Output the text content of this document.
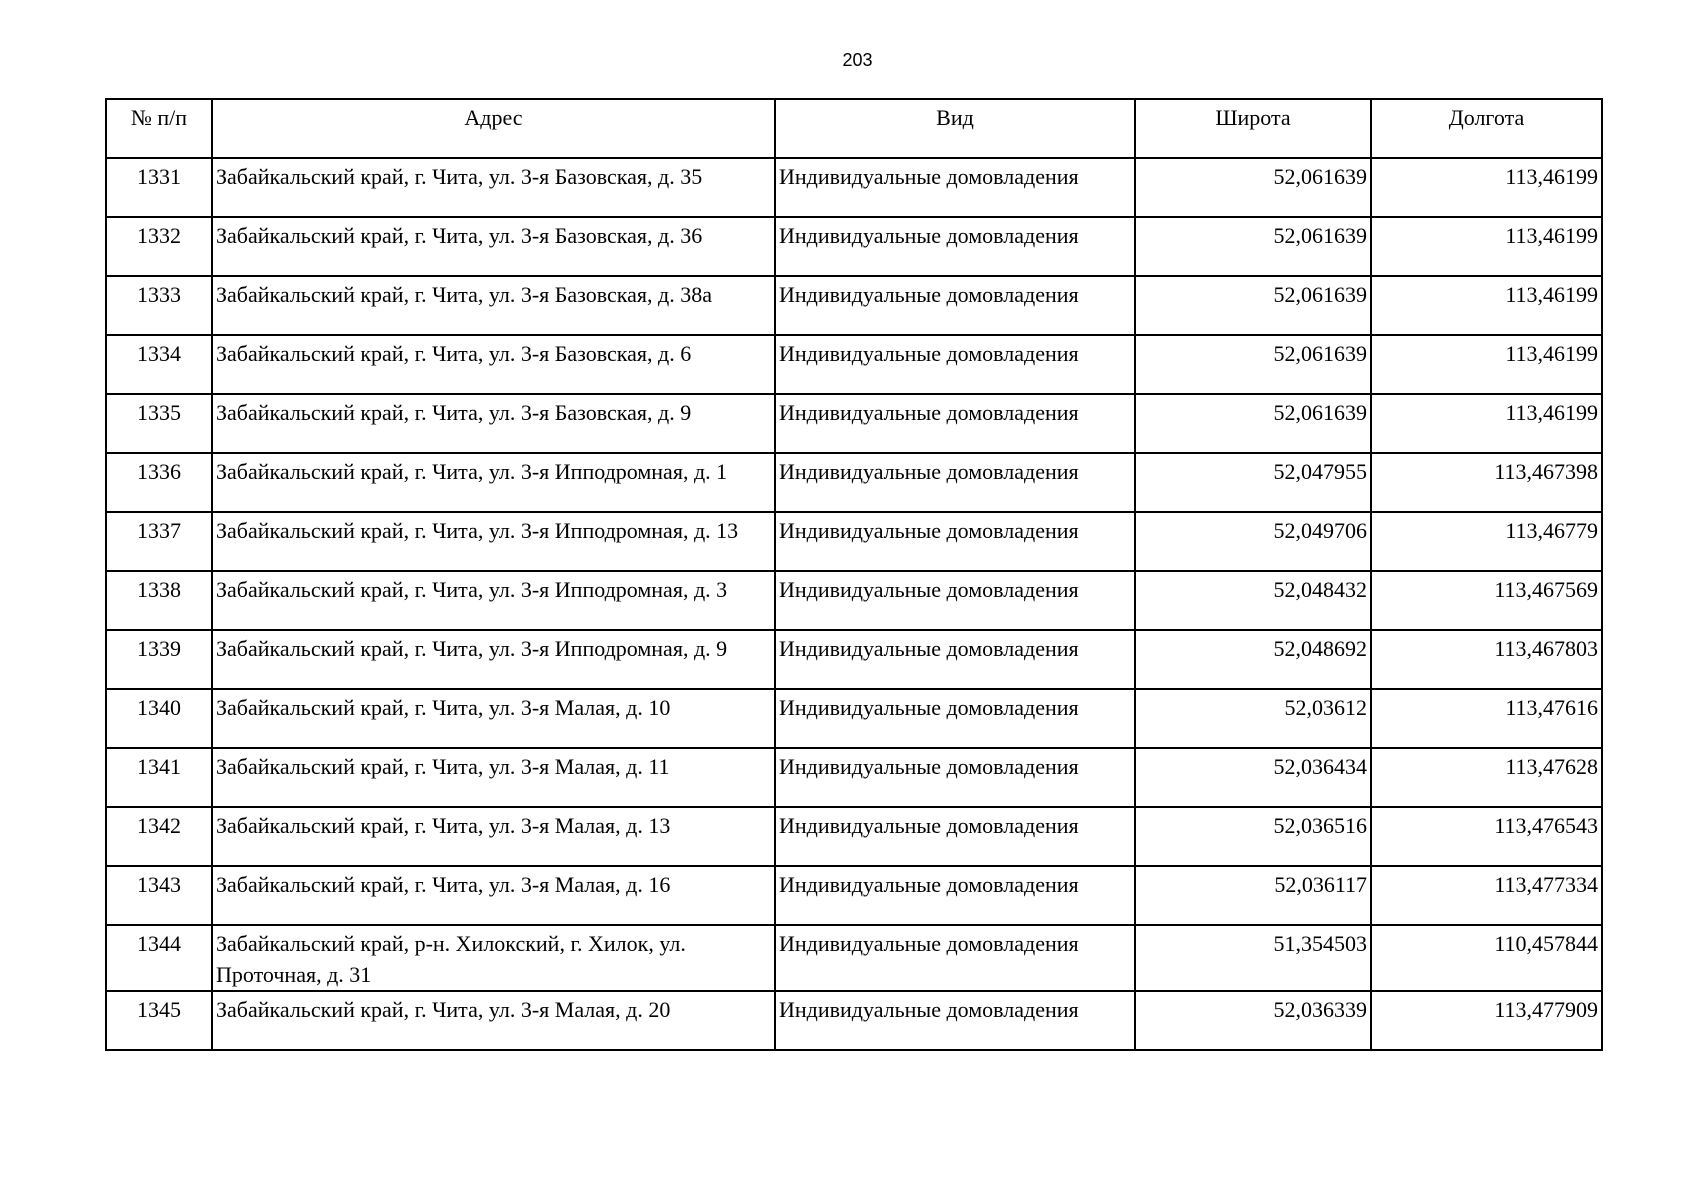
203
№ п/п	Адрес	Вид	Широта	Долгота
1331	Забайкальский край, г. Чита, ул. 3-я Базовская, д. 35	Индивидуальные домовладения	52,061639	113,46199
1332	Забайкальский край, г. Чита, ул. 3-я Базовская, д. 36	Индивидуальные домовладения	52,061639	113,46199
1333	Забайкальский край, г. Чита, ул. 3-я Базовская, д. 38а	Индивидуальные домовладения	52,061639	113,46199
1334	Забайкальский край, г. Чита, ул. 3-я Базовская, д. 6	Индивидуальные домовладения	52,061639	113,46199
1335	Забайкальский край, г. Чита, ул. 3-я Базовская, д. 9	Индивидуальные домовладения	52,061639	113,46199
1336	Забайкальский край, г. Чита, ул. 3-я Ипподромная, д. 1	Индивидуальные домовладения	52,047955	113,467398
1337	Забайкальский край, г. Чита, ул. 3-я Ипподромная, д. 13	Индивидуальные домовладения	52,049706	113,46779
1338	Забайкальский край, г. Чита, ул. 3-я Ипподромная, д. 3	Индивидуальные домовладения	52,048432	113,467569
1339	Забайкальский край, г. Чита, ул. 3-я Ипподромная, д. 9	Индивидуальные домовладения	52,048692	113,467803
1340	Забайкальский край, г. Чита, ул. 3-я Малая, д. 10	Индивидуальные домовладения	52,03612	113,47616
1341	Забайкальский край, г. Чита, ул. 3-я Малая, д. 11	Индивидуальные домовладения	52,036434	113,47628
1342	Забайкальский край, г. Чита, ул. 3-я Малая, д. 13	Индивидуальные домовладения	52,036516	113,476543
1343	Забайкальский край, г. Чита, ул. 3-я Малая, д. 16	Индивидуальные домовладения	52,036117	113,477334
1344	Забайкальский край, р-н. Хилокский, г. Хилок, ул. Проточная, д. 31	Индивидуальные домовладения	51,354503	110,457844
1345	Забайкальский край, г. Чита, ул. 3-я Малая, д. 20	Индивидуальные домовладения	52,036339	113,477909
